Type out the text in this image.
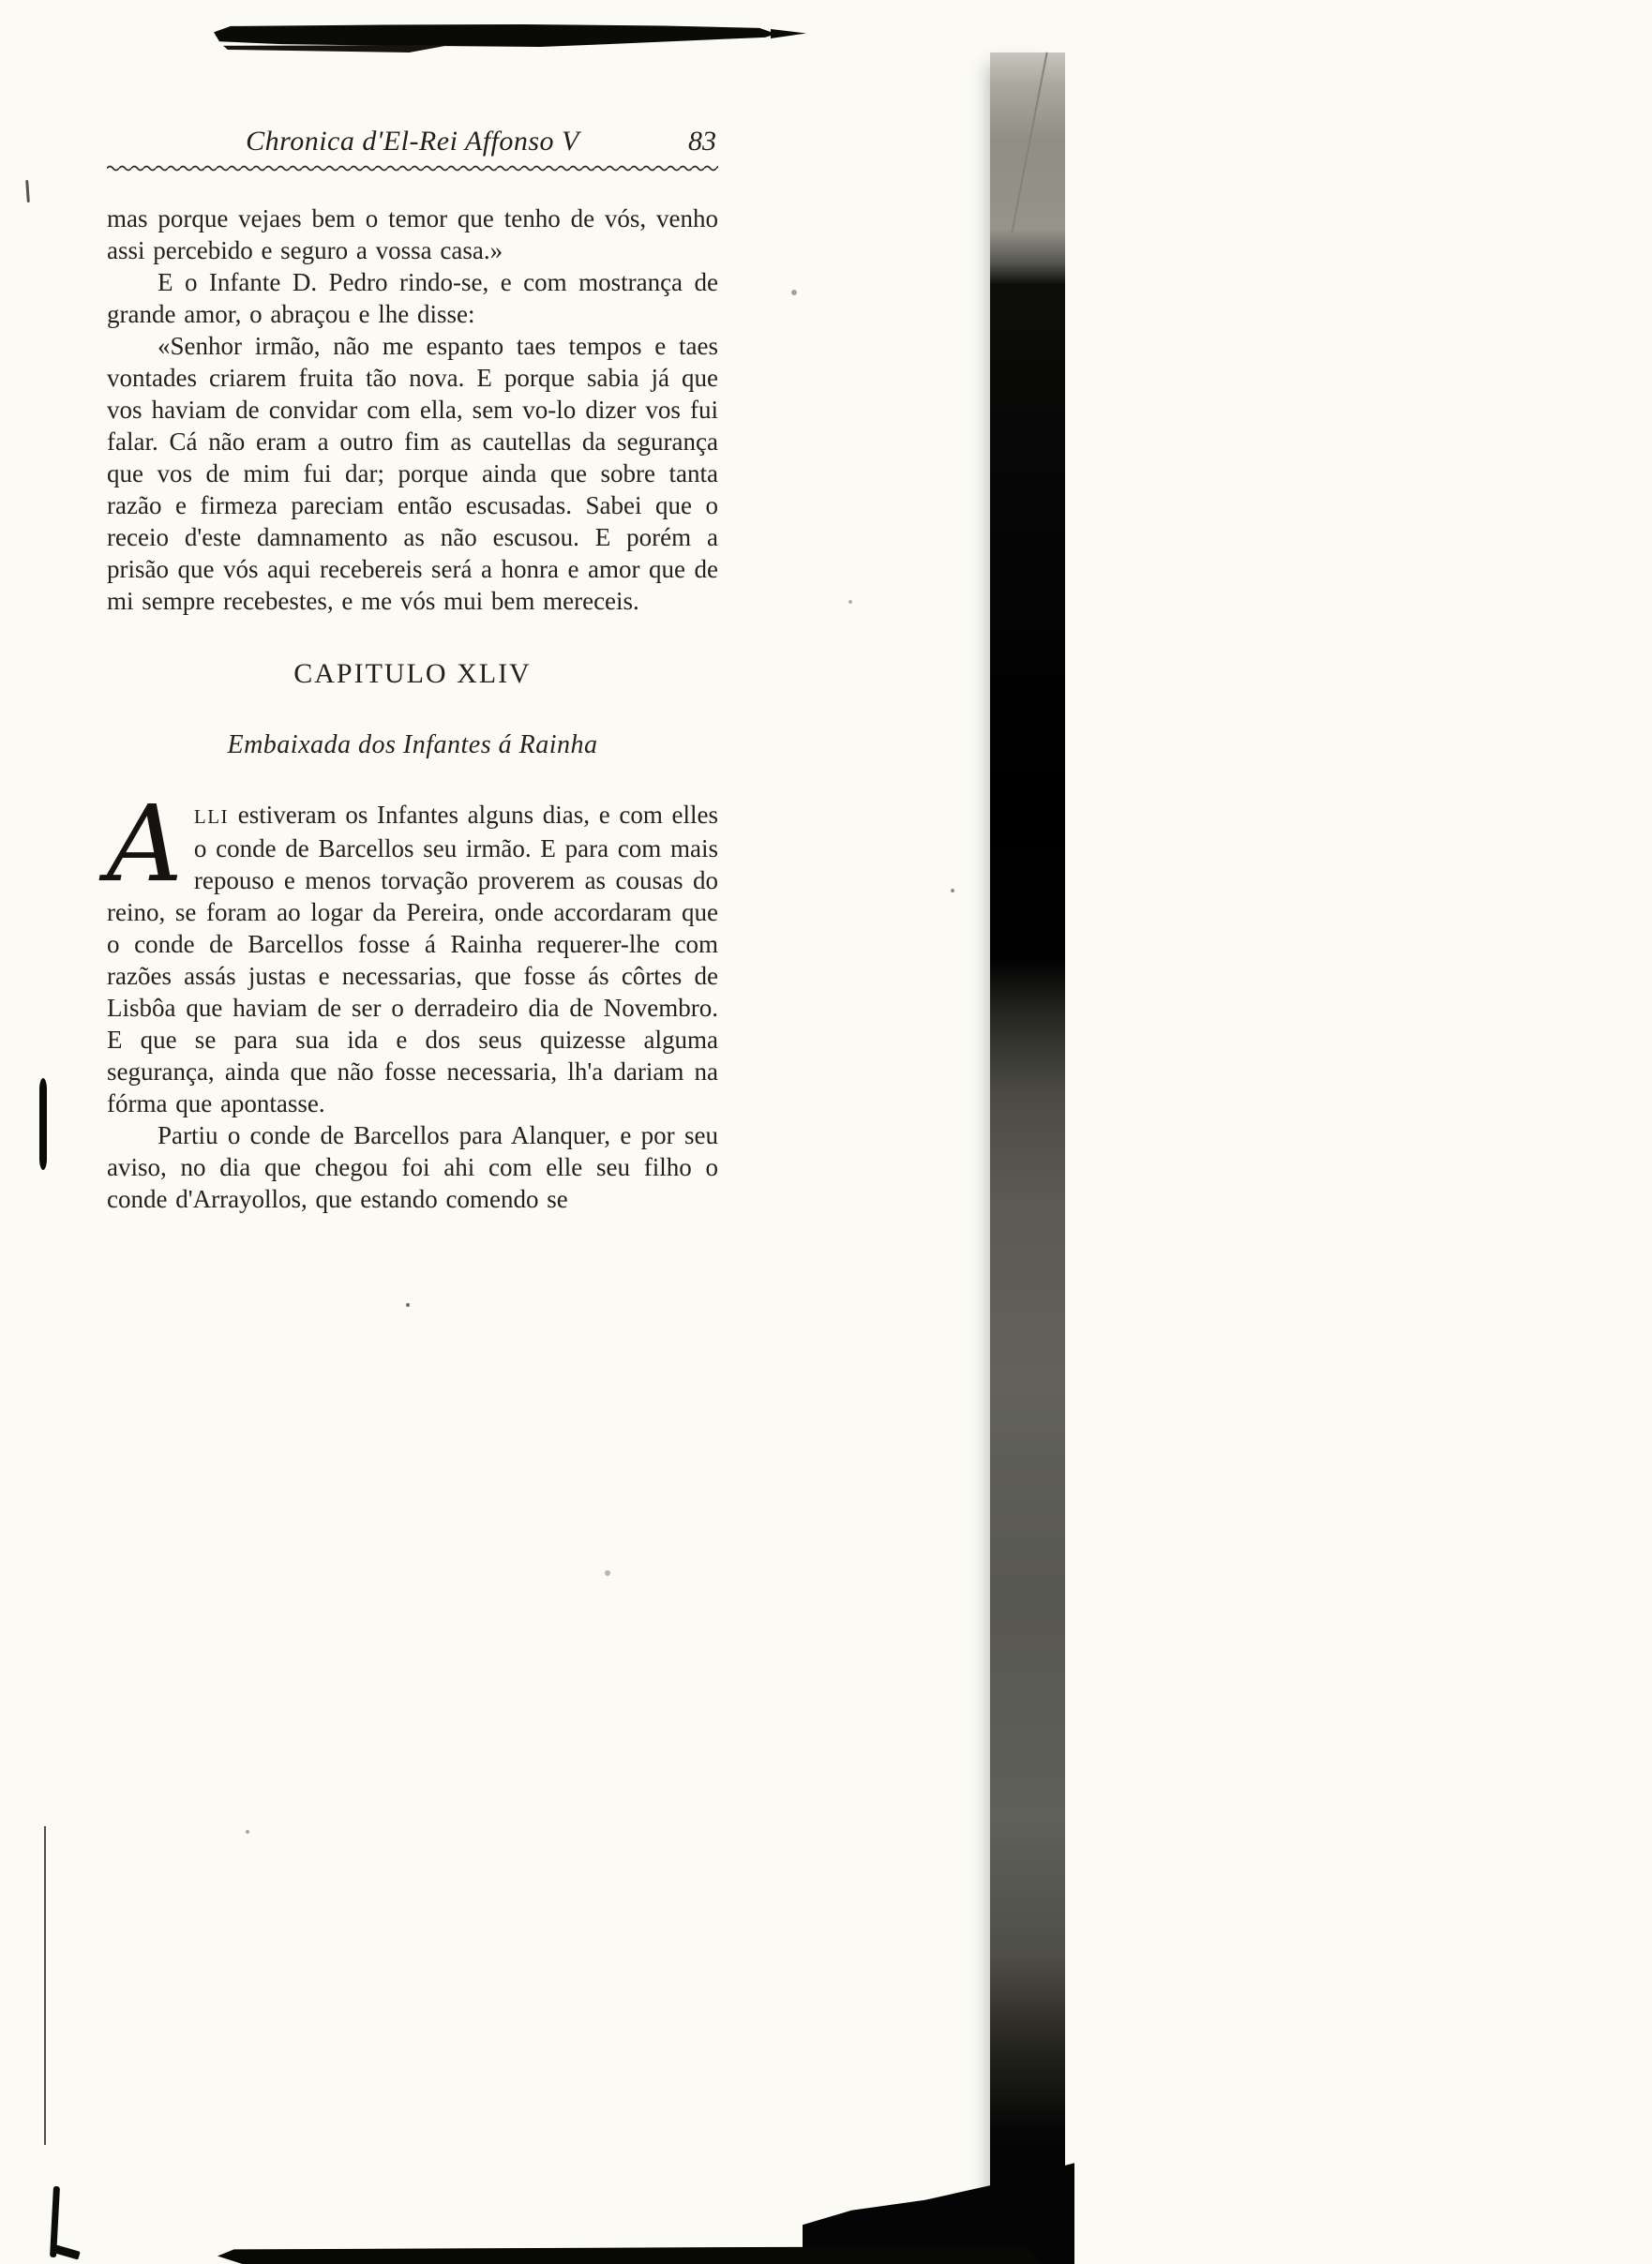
Chronica d'El-Rei Affonso V	83

mas porque vejaes bem o temor que tenho de vós, venho assi percebido e seguro a vossa casa.»

E o Infante D. Pedro rindo-se, e com mostrança de grande amor, o abraçou e lhe disse:

«Senhor irmão, não me espanto taes tempos e taes vontades criarem fruita tão nova. E porque sabia já que vos haviam de convidar com ella, sem vo-lo dizer vos fui falar. Cá não eram a outro fim as cautellas da segurança que vos de mim fui dar; porque ainda que sobre tanta razão e firmeza pareciam então escusadas. Sabei que o receio d'este damnamento as não escusou. E porém a prisão que vós aqui recebereis será a honra e amor que de mi sempre recebestes, e me vós mui bem mereceis.

CAPITULO XLIV
Embaixada dos Infantes á Rainha

ALLI estiveram os Infantes alguns dias, e com elles o conde de Barcellos seu irmão. E para com mais repouso e menos torvação proverem as cousas do reino, se foram ao logar da Pereira, onde accordaram que o conde de Barcellos fosse á Rainha requerer-lhe com razões assás justas e necessarias, que fosse ás côrtes de Lisbôa que haviam de ser o derradeiro dia de Novembro. E que se para sua ida e dos seus quizesse alguma segurança, ainda que não fosse necessaria, lh'a dariam na fórma que apontasse.

Partiu o conde de Barcellos para Alanquer, e por seu aviso, no dia que chegou foi ahi com elle seu filho o conde d'Arrayollos, que estando comendo se
